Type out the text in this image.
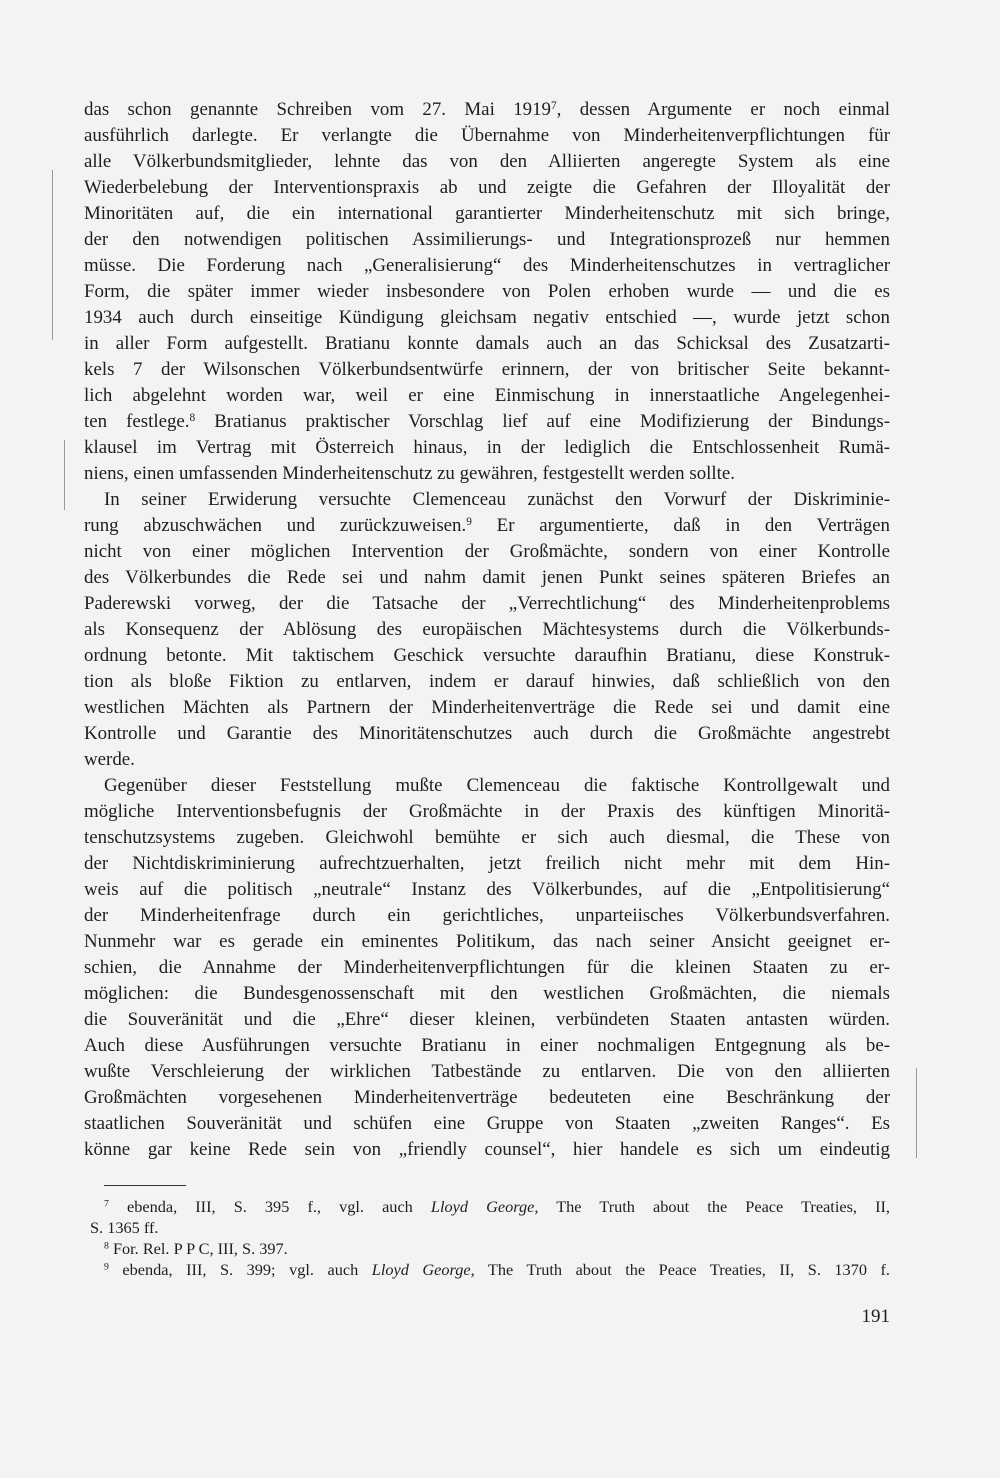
das schon genannte Schreiben vom 27. Mai 1919$^7$, dessen Argumente er noch einmal
ausführlich darlegte. Er verlangte die Übernahme von Minderheitenverpflichtungen für
alle Völkerbundsmitglieder, lehnte das von den Alliierten angeregte System als eine
Wiederbelebung der Interventionspraxis ab und zeigte die Gefahren der Illoyalität der
Minoritäten auf, die ein international garantierter Minderheitenschutz mit sich bringe,
der den notwendigen politischen Assimilierungs- und Integrationsprozeß nur hemmen
müsse. Die Forderung nach „Generalisierung“ des Minderheitenschutzes in vertraglicher
Form, die später immer wieder insbesondere von Polen erhoben wurde — und die es
1934 auch durch einseitige Kündigung gleichsam negativ entschied —, wurde jetzt schon
in aller Form aufgestellt. Bratianu konnte damals auch an das Schicksal des Zusatzarti-
kels 7 der Wilsonschen Völkerbundsentwürfe erinnern, der von britischer Seite bekannt-
lich abgelehnt worden war, weil er eine Einmischung in innerstaatliche Angelegenhei-
ten festlege.$^8$ Bratianus praktischer Vorschlag lief auf eine Modifizierung der Bindungs-
klausel im Vertrag mit Österreich hinaus, in der lediglich die Entschlossenheit Rumä-
niens, einen umfassenden Minderheitenschutz zu gewähren, festgestellt werden sollte.
In seiner Erwiderung versuchte Clemenceau zunächst den Vorwurf der Diskriminie-
rung abzuschwächen und zurückzuweisen.$^9$ Er argumentierte, daß in den Verträgen
nicht von einer möglichen Intervention der Großmächte, sondern von einer Kontrolle
des Völkerbundes die Rede sei und nahm damit jenen Punkt seines späteren Briefes an
Paderewski vorweg, der die Tatsache der „Verrechtlichung“ des Minderheitenproblems
als Konsequenz der Ablösung des europäischen Mächtesystems durch die Völkerbunds-
ordnung betonte. Mit taktischem Geschick versuchte daraufhin Bratianu, diese Konstruk-
tion als bloße Fiktion zu entlarven, indem er darauf hinwies, daß schließlich von den
westlichen Mächten als Partnern der Minderheitenverträge die Rede sei und damit eine
Kontrolle und Garantie des Minoritätenschutzes auch durch die Großmächte angestrebt
werde.
Gegenüber dieser Feststellung mußte Clemenceau die faktische Kontrollgewalt und
mögliche Interventionsbefugnis der Großmächte in der Praxis des künftigen Minoritä-
tenschutzsystems zugeben. Gleichwohl bemühte er sich auch diesmal, die These von
der Nichtdiskriminierung aufrechtzuerhalten, jetzt freilich nicht mehr mit dem Hin-
weis auf die politisch „neutrale“ Instanz des Völkerbundes, auf die „Entpolitisierung“
der Minderheitenfrage durch ein gerichtliches, unparteiisches Völkerbundsverfahren.
Nunmehr war es gerade ein eminentes Politikum, das nach seiner Ansicht geeignet er-
schien, die Annahme der Minderheitenverpflichtungen für die kleinen Staaten zu er-
möglichen: die Bundesgenossenschaft mit den westlichen Großmächten, die niemals
die Souveränität und die „Ehre“ dieser kleinen, verbündeten Staaten antasten würden.
Auch diese Ausführungen versuchte Bratianu in einer nochmaligen Entgegnung als be-
wußte Verschleierung der wirklichen Tatbestände zu entlarven. Die von den alliierten
Großmächten vorgesehenen Minderheitenverträge bedeuteten eine Beschränkung der
staatlichen Souveränität und schüfen eine Gruppe von Staaten „zweiten Ranges“. Es
könne gar keine Rede sein von „friendly counsel“, hier handele es sich um eindeutig
$^7$ ebenda, III, S. 395 f., vgl. auch Lloyd George, The Truth about the Peace Treaties, II,
S. 1365 ff.
$^8$ For. Rel. P P C, III, S. 397.
$^9$ ebenda, III, S. 399; vgl. auch Lloyd George, The Truth about the Peace Treaties, II, S. 1370 f.
191
